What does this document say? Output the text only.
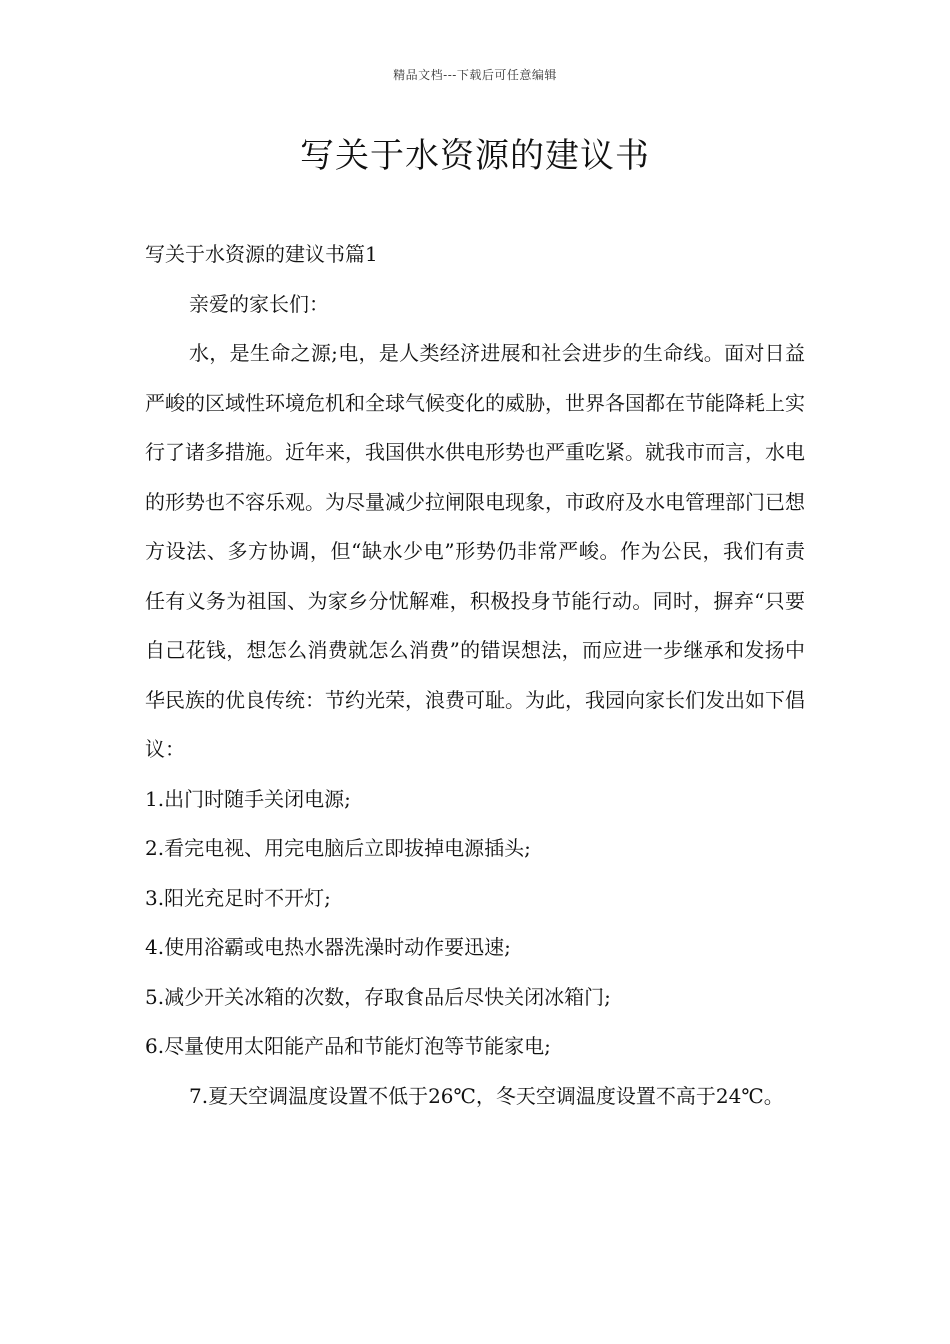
精品文档---下载后可任意编辑
写关于水资源的建议书

写关于水资源的建议书篇1

亲爱的家长们：

水，是生命之源;电，是人类经济进展和社会进步的生命线。面对日益严峻的区域性环境危机和全球气候变化的威胁，世界各国都在节能降耗上实行了诸多措施。近年来，我国供水供电形势也严重吃紧。就我市而言，水电的形势也不容乐观。为尽量减少拉闸限电现象，市政府及水电管理部门已想方设法、多方协调，但“缺水少电”形势仍非常严峻。作为公民，我们有责任有义务为祖国、为家乡分忧解难，积极投身节能行动。同时，摒弃“只要自己花钱，想怎么消费就怎么消费”的错误想法，而应进一步继承和发扬中华民族的优良传统：节约光荣，浪费可耻。为此，我园向家长们发出如下倡议：

1.出门时随手关闭电源;

2.看完电视、用完电脑后立即拔掉电源插头;

3.阳光充足时不开灯;

4.使用浴霸或电热水器洗澡时动作要迅速;

5.减少开关冰箱的次数，存取食品后尽快关闭冰箱门;

6.尽量使用太阳能产品和节能灯泡等节能家电;

7.夏天空调温度设置不低于26℃，冬天空调温度设置不高于24℃。
